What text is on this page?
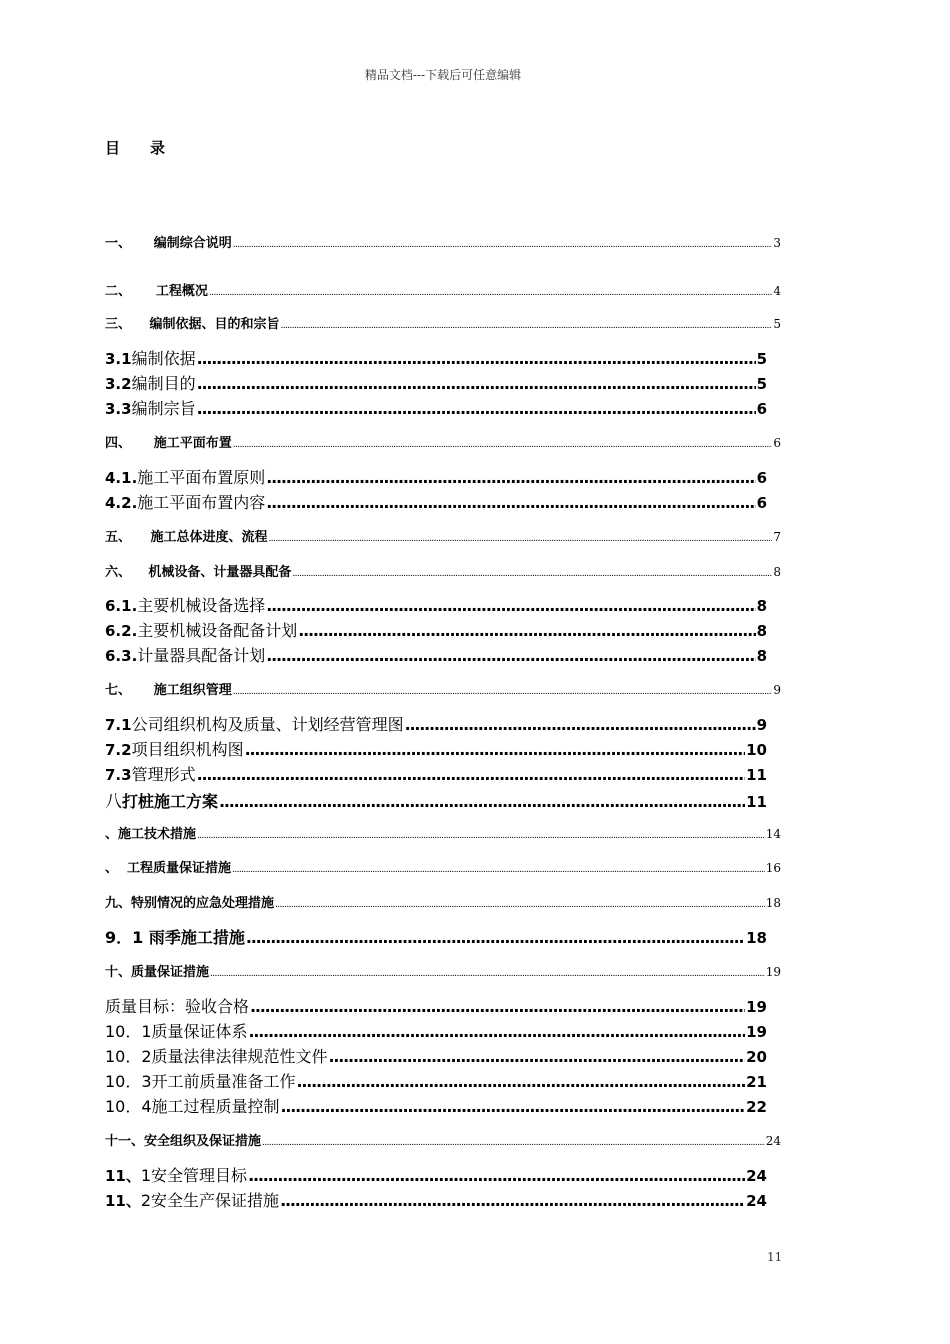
精品文档---下载后可任意编辑
目 录
一、	编制综合说明 .....	3
二、	工程概况 .....	4
三、	编制依据、目的和宗旨 .....	5
3.1 编制依据 .....	5
3.2 编制目的 .....	5
3.3 编制宗旨 .....	6
四、	施工平面布置 .....	6
4.1. 施工平面布置原则 .....	6
4.2. 施工平面布置内容 .....	6
五、	施工总体进度、流程 .....	7
六、	机械设备、计量器具配备 .....	8
6.1. 主要机械设备选择 .....	8
6.2. 主要机械设备配备计划 .....	8
6.3. 计量器具配备计划 .....	8
七、	施工组织管理 .....	9
7.1 公司组织机构及质量、计划经营管理图 .....	9
7.2 项目组织机构图 .....	10
7.3 管理形式 .....	11
八 打桩施工方案 .....	11
、施工技术措施 .....	14
、  工程质量保证措施 .....	16
九、特别情况的应急处理措施 .....	18
9．1 雨季施工措施 .....	18
十、质量保证措施 .....	19
质量目标：验收合格 .....	19
10．1质量保证体系 .....	19
10．2质量法律法律规范性文件 .....	20
10．3开工前质量准备工作 .....	21
10．4施工过程质量控制 .....	22
十一、安全组织及保证措施 .....	24
11、 1安全管理目标 .....	24
11、 2安全生产保证措施 .....	24
11
